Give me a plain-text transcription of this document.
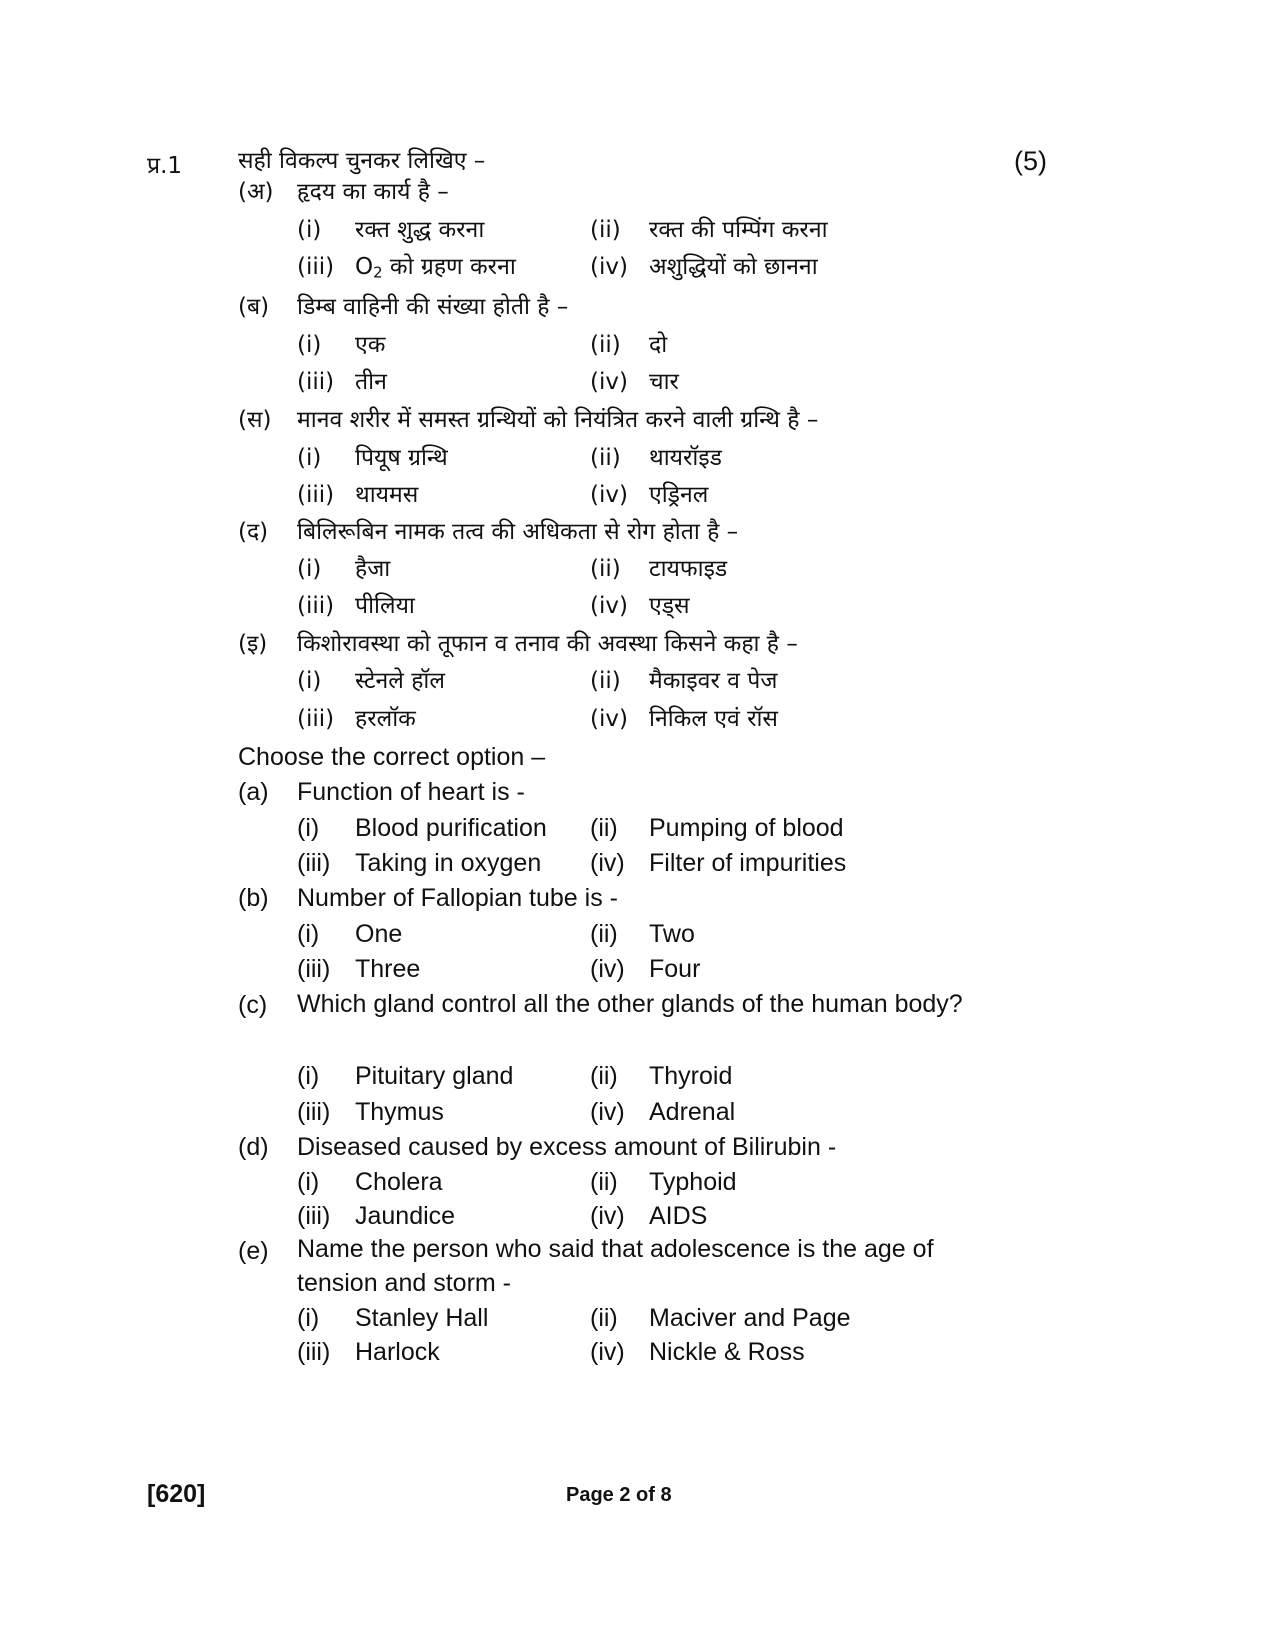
प्र.1 सही विकल्प चुनकर लिखिए –	(5)
(अ) हृदय का कार्य है –
(i) रक्त शुद्ध करना	(ii) रक्त की पम्पिंग करना
(iii) $O_2$ को ग्रहण करना	(iv) अशुद्धियों को छानना
(ब) डिम्ब वाहिनी की संख्या होती है –
(i) एक	(ii) दो
(iii) तीन	(iv) चार
(स) मानव शरीर में समस्त ग्रन्थियों को नियंत्रित करने वाली ग्रन्थि है –
(i) पियूष ग्रन्थि	(ii) थायरॉइड
(iii) थायमस	(iv) एड्रिनल
(द) बिलिरूबिन नामक तत्व की अधिकता से रोग होता है –
(i) हैजा	(ii) टायफाइड
(iii) पीलिया	(iv) एड्स
(इ) किशोरावस्था को तूफान व तनाव की अवस्था किसने कहा है –
(i) स्टेनले हॉल	(ii) मैकाइवर व पेज
(iii) हरलॉक	(iv) निकिल एवं रॉस
Choose the correct option –
(a) Function of heart is -
(i) Blood purification (ii) Pumping of blood
(iii) Taking in oxygen (iv) Filter of impurities
(b) Number of Fallopian tube is -
(i) One	(ii) Two
(iii) Three	(iv) Four
(c) Which gland control all the other glands of the human body?
(i) Pituitary gland	(ii) Thyroid
(iii) Thymus	(iv) Adrenal
(d) Diseased caused by excess amount of Bilirubin -
(i) Cholera	(ii) Typhoid
(iii) Jaundice	(iv) AIDS
(e) Name the person who said that adolescence is the age of tension and storm -
(i) Stanley Hall	(ii) Maciver and Page
(iii) Harlock	(iv) Nickle & Ross
[620]	Page 2 of 8
